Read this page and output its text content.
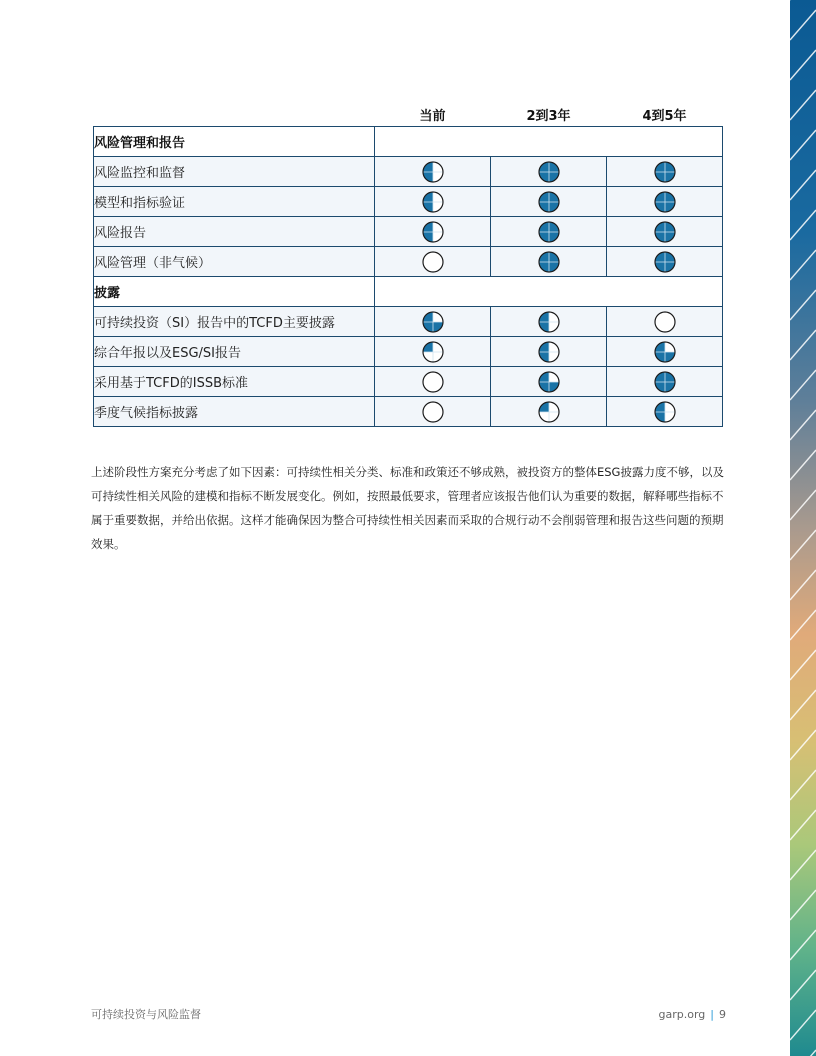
	当前	2到3年	4到5年
风险管理和报告			
风险监控和监督	

模型和指标验证	

风险报告	

风险管理（非气候）	

披露			
可持续投资（SI）报告中的TCFD主要披露	

综合年报以及ESG/SI报告	

采用基于TCFD的ISSB标准	

季度气候指标披露	

上述阶段性方案充分考虑了如下因素：可持续性相关分类、标准和政策还不够成熟，被投资方的整体ESG披露力度不够，以及可持续性相关风险的建模和指标不断发展变化。例如，按照最低要求，管理者应该报告他们认为重要的数据，解释哪些指标不属于重要数据，并给出依据。这样才能确保因为整合可持续性相关因素而采取的合规行动不会削弱管理和报告这些问题的预期效果。
可持续投资与风险监督	garp.org | 9
